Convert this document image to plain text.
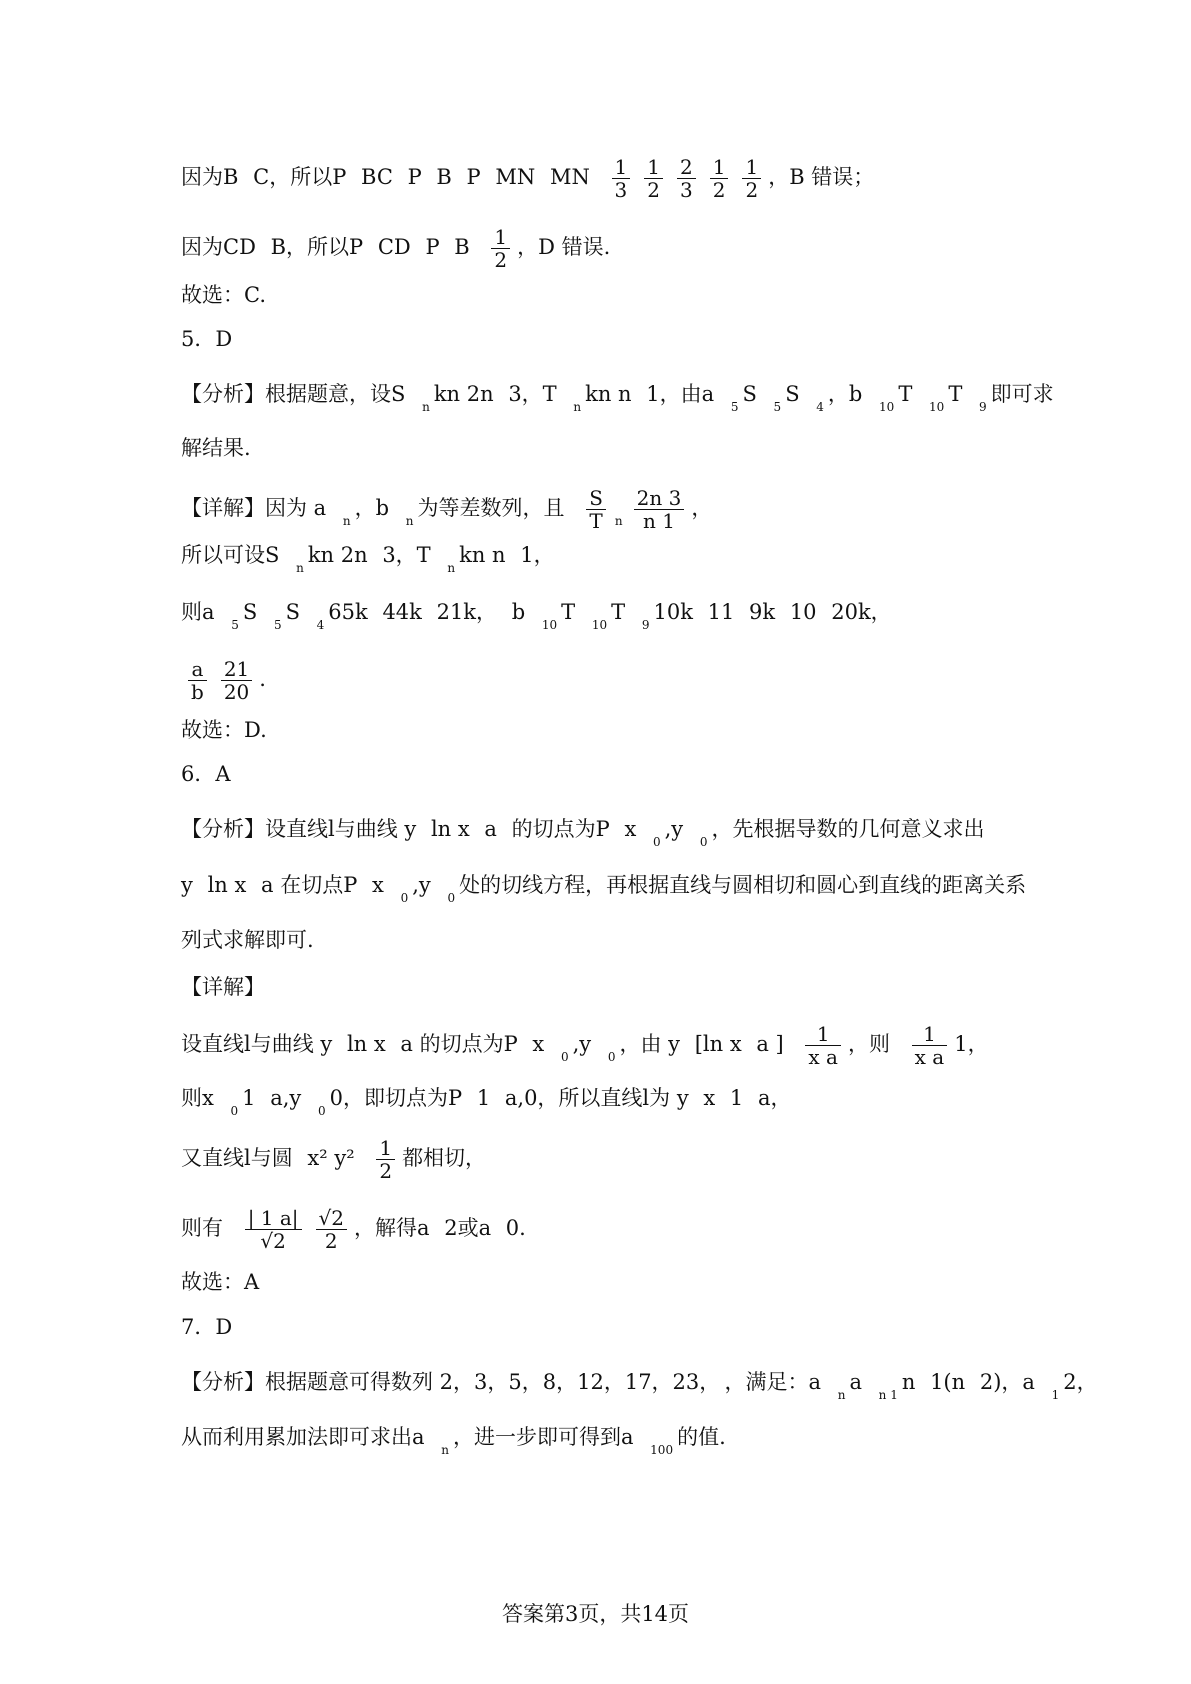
因为B C，所以P BC P B P MN MN $\frac{1}{3} \frac{1}{2} \frac{2}{3} \frac{1}{2} \frac{1}{2}$ ，B 错误；
因为CD B，所以P CD P B $\frac{1}{2}$ ，D 错误.
故选：C.
5．D
【分析】根据题意，设$S_nkn$ 2n 3，$T_nkn$ n 1，由$a_5S_5S_4$，$b_{10}T_{10}T_9$即可求
解结果.
【详解】因为 $a_n$，$b_n$为等差数列，且 $\frac{S}{T} _n \frac{2n 3}{n 1}$ ，
所以可设$S_nkn$ 2n 3，$T_nkn$ n 1，
则$a_5S_5S_465k$ 44k 21k， $b_{10}T_{10}T_910k$ 11 9k 10 20k，
$\frac{a}{b} \frac{21}{20}$ .
故选：D.
6．A
【分析】设直线l与曲线 y ln x a 的切点为P $x_0,y_0$，先根据导数的几何意义求出
y ln x a 在切点P $x_0,y_0$处的切线方程，再根据直线与圆相切和圆心到直线的距离关系
列式求解即可.
【详解】
设直线l与曲线 y ln x a 的切点为P $x_0,y_0$，由 y [ln x a ] $\frac{1}{\text{x a}}$ ，则 $\frac{1}{\text{x a}} 1$，
则$x_01$ $a,y_00$，即切点为P 1 a,0，所以直线l为 y x 1 a，
又直线l与圆 x² $y^2 \frac{1}{2}$ 都相切，
则有 $\frac{| 1 a|}{√2} \frac{√2}{2}$ ，解得a 2或a 0.
故选：A
7．D
【分析】根据题意可得数列 2，3，5，8，12，17，23， ，满足：$a_na_{n 1}n$ 1(n 2)，$a_12$，
从而利用累加法即可求出$a_n$，进一步即可得到$a_{100}$的值.
答案第3页，共14页
